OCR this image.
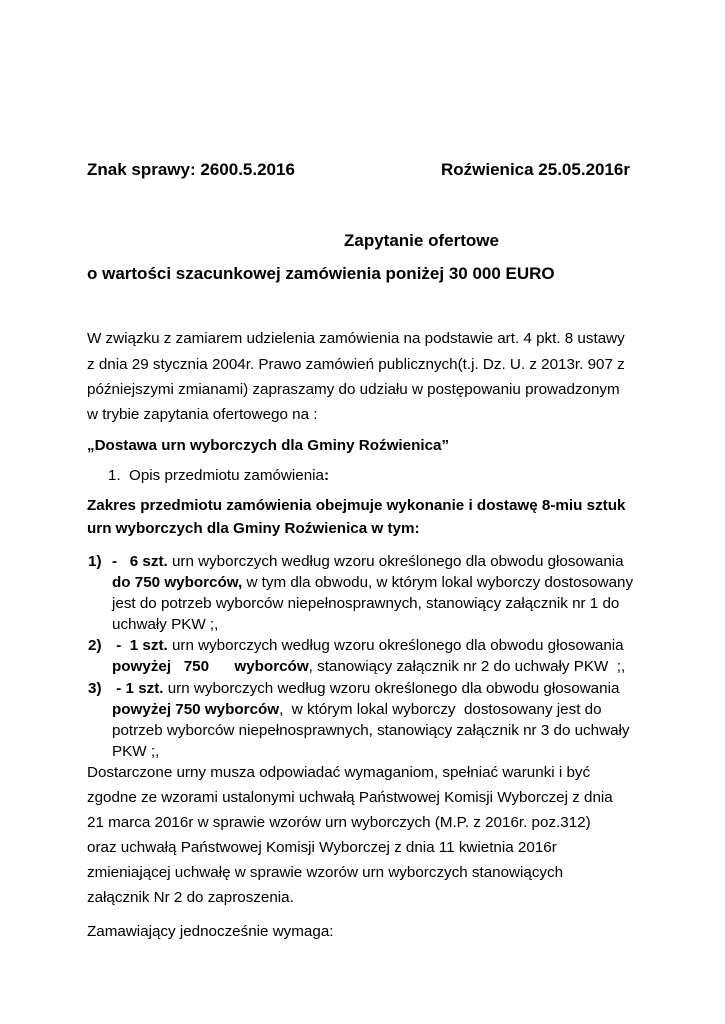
Znak sprawy: 2600.5.2016	Roźwienica 25.05.2016r
Zapytanie ofertowe
o wartości szacunkowej zamówienia poniżej 30 000 EURO
W związku z zamiarem udzielenia zamówienia na podstawie art. 4 pkt. 8 ustawy
z dnia 29 stycznia 2004r. Prawo zamówień publicznych(t.j. Dz. U. z 2013r. 907 z
późniejszymi zmianami) zapraszamy do udziału w postępowaniu prowadzonym
w trybie zapytania ofertowego na :
„Dostawa urn wyborczych dla Gminy Roźwienica”
1. Opis przedmiotu zamówienia:
Zakres przedmiotu zamówienia obejmuje wykonanie i dostawę 8-miu sztuk
urn wyborczych dla Gminy Roźwienica w tym:
1) - 6 szt. urn wyborczych według wzoru określonego dla obwodu głosowania
do 750 wyborców, w tym dla obwodu, w którym lokal wyborczy dostosowany
jest do potrzeb wyborców niepełnosprawnych, stanowiący załącznik nr 1 do
uchwały PKW ;,
2) - 1 szt. urn wyborczych według wzoru określonego dla obwodu głosowania
powyżej   750      wyborców, stanowiący załącznik nr 2 do uchwały PKW  ;,
3) - 1 szt. urn wyborczych według wzoru określonego dla obwodu głosowania
powyżej 750 wyborców,  w którym lokal wyborczy  dostosowany jest do
potrzeb wyborców niepełnosprawnych, stanowiący załącznik nr 3 do uchwały
PKW ;,
Dostarczone urny musza odpowiadać wymaganiom, spełniać warunki i być
zgodne ze wzorami ustalonymi uchwałą Państwowej Komisji Wyborczej z dnia
21 marca 2016r w sprawie wzorów urn wyborczych (M.P. z 2016r. poz.312)
oraz uchwałą Państwowej Komisji Wyborczej z dnia 11 kwietnia 2016r
zmieniającej uchwałę w sprawie wzorów urn wyborczych stanowiących
załącznik Nr 2 do zaproszenia.
Zamawiający jednocześnie wymaga:
